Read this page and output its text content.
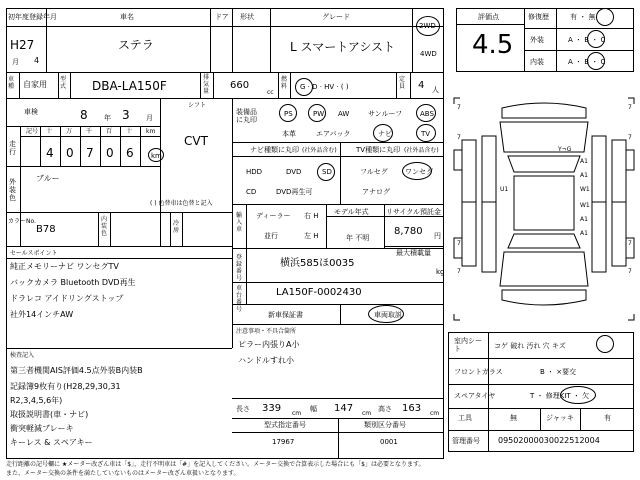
初年度登録年月	車名	ドア 形状	グレード
H27
4
月
ステラ	L スマートアシスト
2WD
4WD
車種 自家用
型式 DBA-LA150F
排気量
660
cc
燃料 G · D · HV · ( )
定員 4 人
車検	8 年 3 月
シフト
CVT
走行
記号 十 万 千 百 十 km
4 0 7 0 6 km
外装色
ブルー
( ) 色替車は色替と記入
カラーNo.
B78
内装色
冷房
装備品に丸印
PS	PW AW	サンルーフ	ABS
本革	エアバック	ナビ	TV
ナビ種類に丸印 (社外品含む)
HDD	DVD	SD
CD	DVD再生可
TV種類に丸印 (社外品含む)
フルセグ ワンセグ
アナログ
輸入車
ディーラー
並行
右 H
左 H
モデル年式
年 不明
リサイクル預託金
8,780 円
最大積載量
kg
登録番号
横浜585ほ0035
車台番号
LA150F-0002430
新車保証書	車両取説
セールスポイント
純正メモリーナビ ワンセグTV
バックカメラ Bluetooth DVD再生
ドラレコ アイドリングストップ
社外14インチAW
注意事項・不具合箇所
ピラー内張りA小
ハンドルすれ小
検査記入
第三者機関AIS評価4.5点外装B内装B
記録簿9枚有り(H28,29,30,31
R2,3,4,5,6年)
取扱説明書(車・ナビ)
衝突軽減ブレーキ
キーレス & スペアキー
長さ 339 cm
幅 147 cm
高さ 163 cm
型式指定番号
17967
類別区分番号
0001
評価点
4.5
修復歴	有 ・ 無
外装	A ・ B ・ C
内装	A ・ B ・ C
7	7
7	7
7	7
7	7
A1
A1
U1	W1
W1
A1
A1
Y¬G
室内シート	コゲ 破れ 汚れ 穴 キズ
フロントガラス	B ・ ×要交
スペアタイヤ	T ・ 修理KIT ・ 欠
工具	無	ジャッキ	有
管理番号 09502000030022512004
走行距離の記号欄に ★メーター改ざん車は「$」、走行不明車は「#」を記入してください。メーター交換で合算表示した場合にも「$」は必要となります。
また、メーター交換の条件を満たしていないものはメーター改ざん車扱いとなります。
